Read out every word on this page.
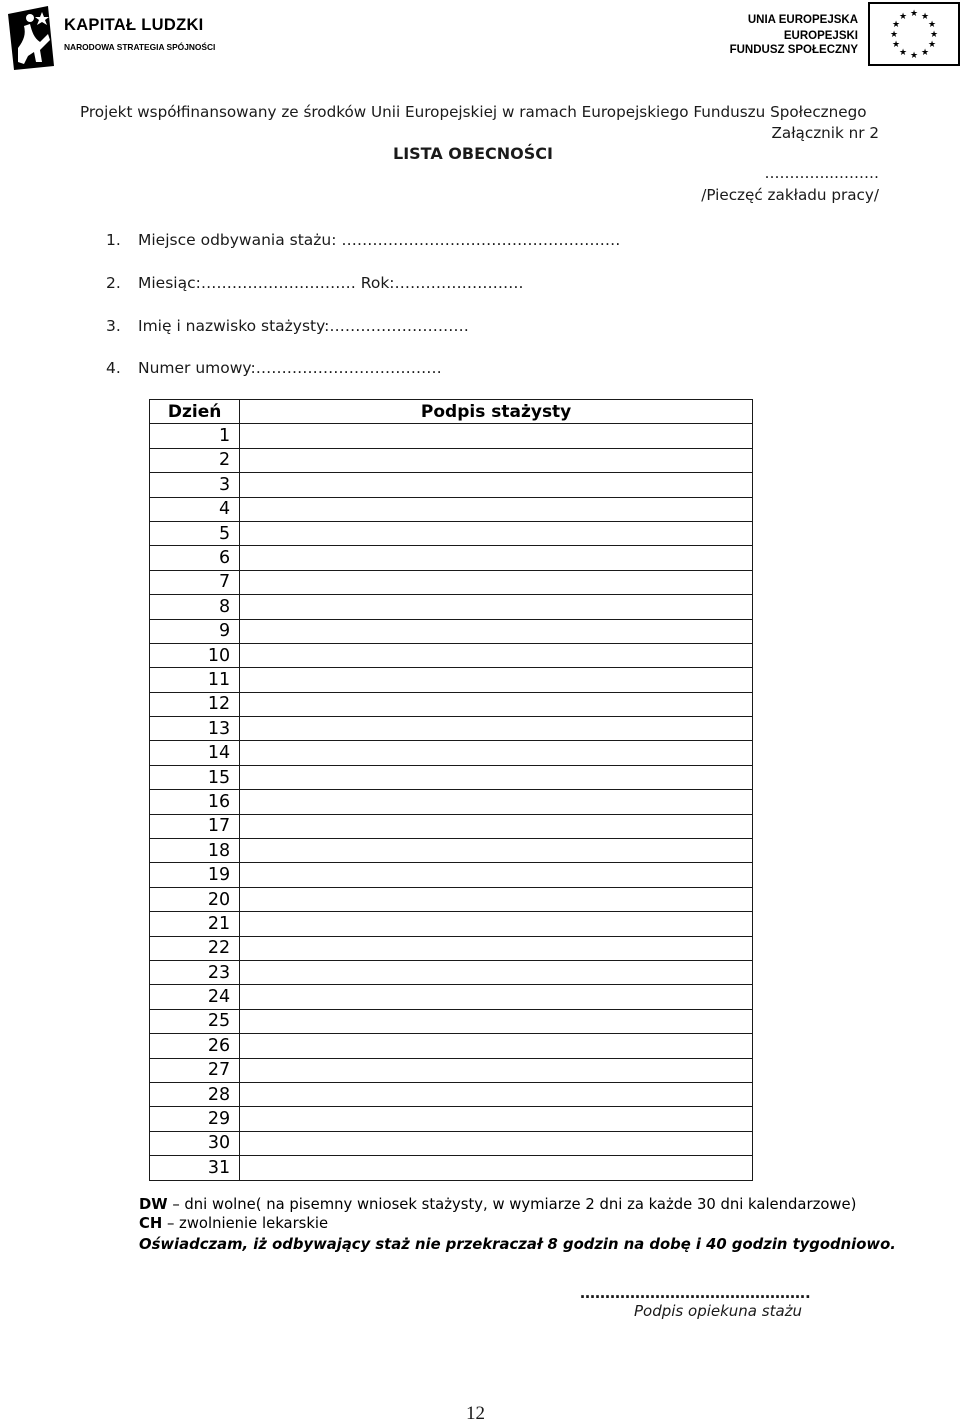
KAPITAŁ LUDZKI
NARODOWA STRATEGIA SPÓJNOŚCI
UNIA EUROPEJSKA
EUROPEJSKI
FUNDUSZ SPOŁECZNY
★ ★
★
★
★
★
★
★
★
★
★
★
Projekt współfinansowany ze środków Unii Europejskiej w ramach Europejskiego Funduszu Społecznego
Załącznik nr 2
LISTA OBECNOŚCI
…………..………
/Pieczęć zakładu pracy/
1. Miejsce odbywania stażu: ………………………………………………
2. Miesiąc:………………………… Rok:…………………….
3. Imię i nazwisko stażysty:………………………
4. Numer umowy:………………………………
Dzień	Podpis stażysty
1	
2	
3	
4	
5	
6	
7	
8	
9	
10	
11	
12	
13	
14	
15	
16	
17	
18	
19	
20	
21	
22	
23	
24	
25	
26	
27	
28	
29	
30	
31	
DW – dni wolne( na pisemny wniosek stażysty, w wymiarze 2 dni za każde 30 dni kalendarzowe)
CH – zwolnienie lekarskie
Oświadczam, iż odbywający staż nie przekraczał 8 godzin na dobę i 40 godzin tygodniowo.
……………………………………….
Podpis opiekuna stażu
12
